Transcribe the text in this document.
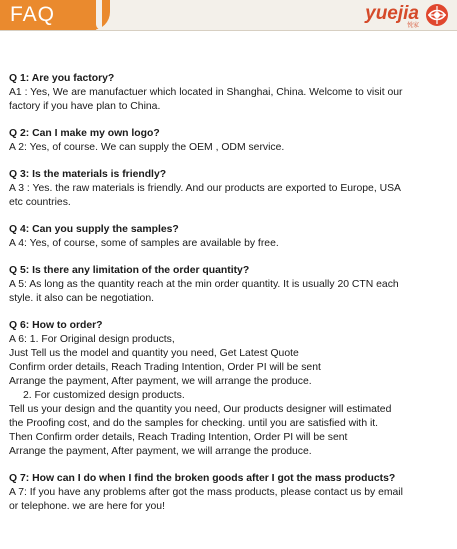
FAQ	yuejia
悦家

Q 1: Are you factory?

A1 : Yes, We are manufactuer which located in Shanghai, China. Welcome to visit our

factory if you have plan to China.

Q 2: Can I make my own logo?

A 2: Yes, of course. We can supply the OEM , ODM service.

Q 3: Is the materials is friendly?

A 3 : Yes. the raw materials is friendly. And our products are exported to Europe, USA

etc countries.

Q 4: Can you supply the samples?

A 4: Yes, of course, some of samples are available by free.

Q 5: Is there any limitation of the order quantity?

A 5: As long as the quantity reach at the min order quantity. It is usually 20 CTN each

style. it also can be negotiation.

Q 6: How to order?

A 6: 1. For Original design products,

Just Tell us the model and quantity you need, Get Latest Quote

Confirm order details, Reach Trading Intention, Order PI will be sent

Arrange the payment, After payment, we will arrange the produce.

2. For customized design products.

Tell us your design and the quantity you need, Our products designer will estimated

the Proofing cost, and do the samples for checking. until you are satisfied with it.

Then Confirm order details, Reach Trading Intention, Order PI will be sent

Arrange the payment, After payment, we will arrange the produce.

Q 7: How can I do when I find the broken goods after I got the mass products?

A 7: If you have any problems after got the mass products, please contact us by email

or telephone. we are here for you!
